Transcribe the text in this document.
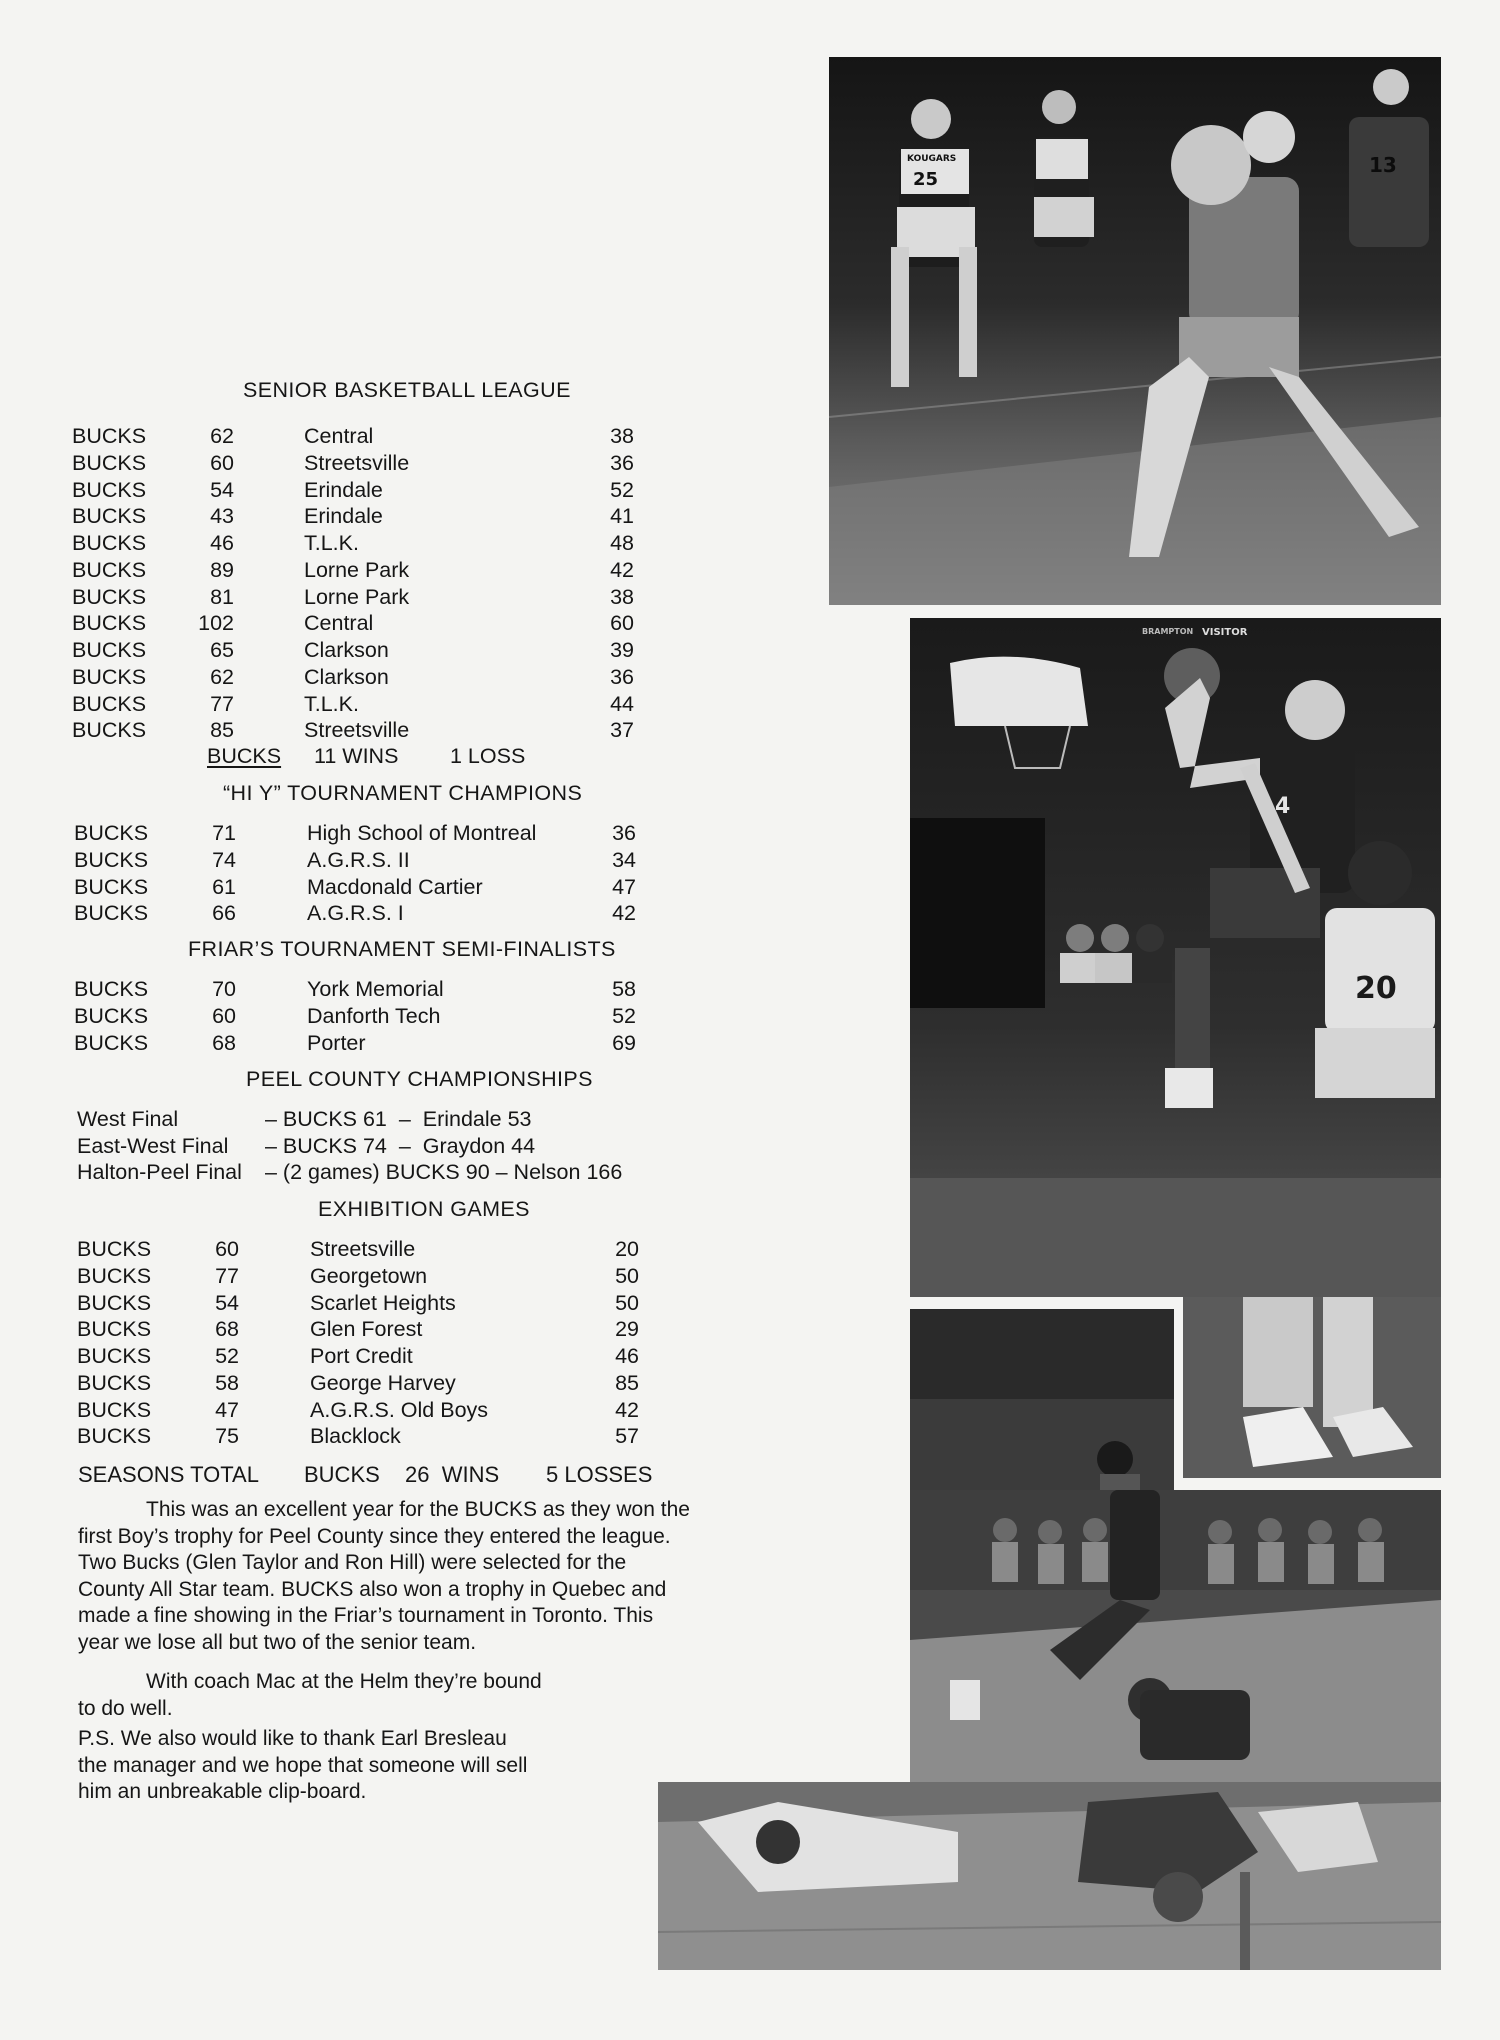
SENIOR BASKETBALL LEAGUE
BUCKS	62	Central	38
BUCKS	60	Streetsville	36
BUCKS	54	Erindale	52
BUCKS	43	Erindale	41
BUCKS	46	T.L.K.	48
BUCKS	89	Lorne Park	42
BUCKS	81	Lorne Park	38
BUCKS	102	Central	60
BUCKS	65	Clarkson	39
BUCKS	62	Clarkson	36
BUCKS	77	T.L.K.	44
BUCKS	85	Streetsville	37
BUCKS 11 WINS 1 LOSS
“HI Y” TOURNAMENT CHAMPIONS
BUCKS	71	High School of Montreal	36
BUCKS	74	A.G.R.S. II	34
BUCKS	61	Macdonald Cartier	47
BUCKS	66	A.G.R.S. I	42
FRIAR’S TOURNAMENT SEMI-FINALISTS
BUCKS	70	York Memorial	58
BUCKS	60	Danforth Tech	52
BUCKS	68	Porter	69
PEEL COUNTY CHAMPIONSHIPS
West Final	– BUCKS 61  –  Erindale 53
East-West Final – BUCKS 74  –  Graydon 44
Halton-Peel Final – (2 games) BUCKS 90 – Nelson 166
EXHIBITION GAMES
BUCKS	60	Streetsville	20
BUCKS	77	Georgetown	50
BUCKS	54	Scarlet Heights	50
BUCKS	68	Glen Forest	29
BUCKS	52	Port Credit	46
BUCKS	58	George Harvey	85
BUCKS	47	A.G.R.S. Old Boys	42
BUCKS	75	Blacklock	57
SEASONS TOTAL BUCKS 26  WINS 5 LOSSES
This was an excellent year for the BUCKS as they won the
first Boy’s trophy for Peel County since they entered the league.
Two Bucks (Glen Taylor and Ron Hill) were selected for the
County All Star team. BUCKS also won a trophy in Quebec and
made a fine showing in the Friar’s tournament in Toronto. This
year we lose all but two of the senior team.
With coach Mac at the Helm they’re bound
to do well.
P.S. We also would like to thank Earl Bresleau
the manager and we hope that someone will sell
him an unbreakable clip-board.
25
KOUGARS	13
BRAMPTON VISITOR
4
20
